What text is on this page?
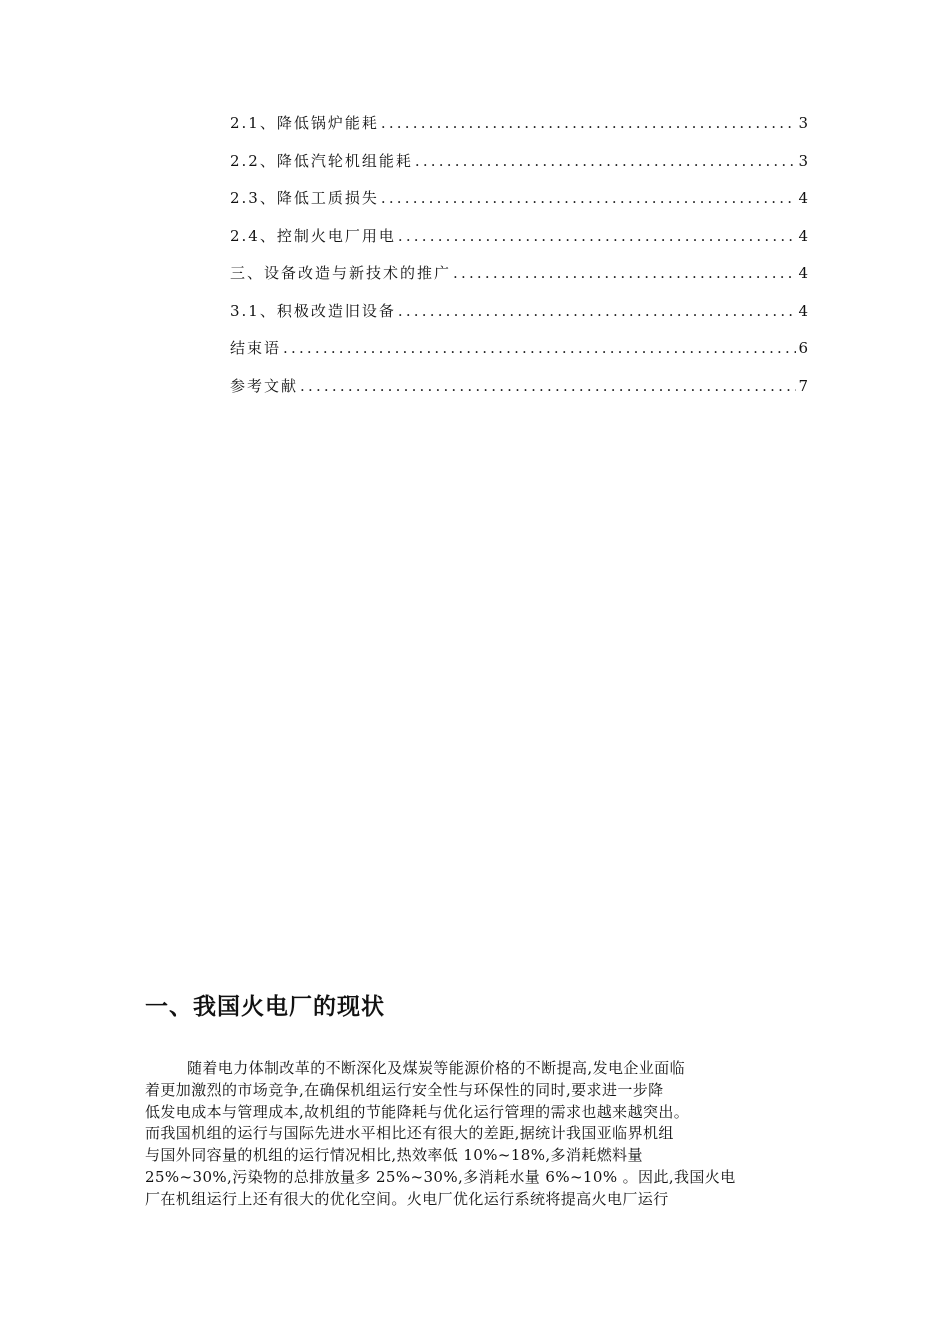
2.1、降低锅炉能耗 .....	3
2.2、降低汽轮机组能耗 .....	3
2.3、降低工质损失 .....	4
2.4、控制火电厂用电 .....	4
三、设备改造与新技术的推广 .....	4
3.1、积极改造旧设备 .....	4
结束语 .....	6
参考文献 .....	7
一、我国火电厂的现状

随着电力体制改革的不断深化及煤炭等能源价格的不断提高,发电企业面临
着更加激烈的市场竞争,在确保机组运行安全性与环保性的同时,要求进一步降
低发电成本与管理成本,故机组的节能降耗与优化运行管理的需求也越来越突出。
而我国机组的运行与国际先进水平相比还有很大的差距,据统计我国亚临界机组
与国外同容量的机组的运行情况相比,热效率低 10%~18%,多消耗燃料量
25%~30%,污染物的总排放量多 25%~30%,多消耗水量 6%~10% 。因此,我国火电
厂在机组运行上还有很大的优化空间。火电厂优化运行系统将提高火电厂运行
